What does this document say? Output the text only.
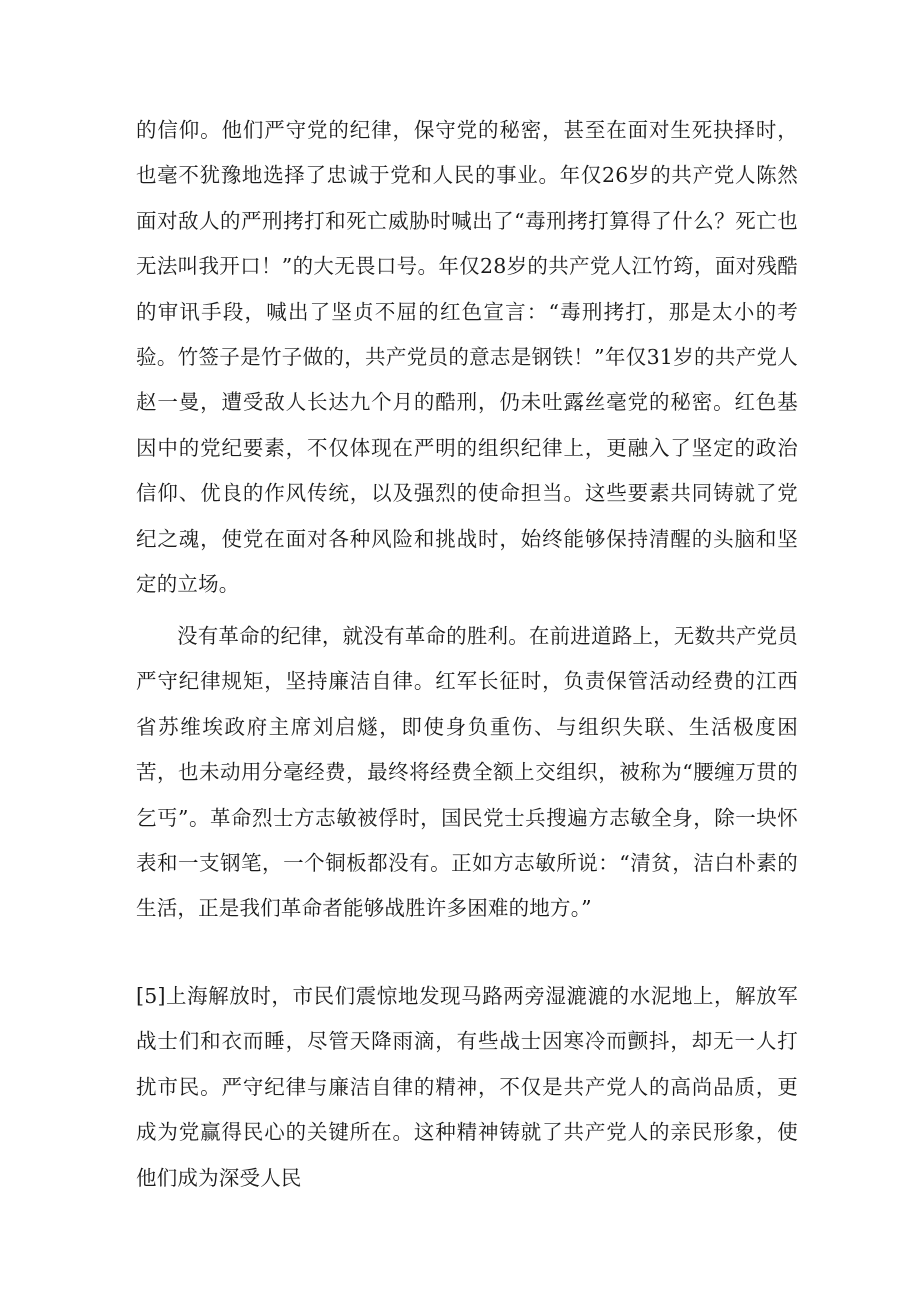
的信仰。他们严守党的纪律，保守党的秘密，甚至在面对生死抉择时，也毫不犹豫地选择了忠诚于党和人民的事业。年仅26岁的共产党人陈然面对敌人的严刑拷打和死亡威胁时喊出了“毒刑拷打算得了什么？死亡也无法叫我开口！”的大无畏口号。年仅28岁的共产党人江竹筠，面对残酷的审讯手段，喊出了坚贞不屈的红色宣言：“毒刑拷打，那是太小的考验。竹签子是竹子做的，共产党员的意志是钢铁！”年仅31岁的共产党人赵一曼，遭受敌人长达九个月的酷刑，仍未吐露丝毫党的秘密。红色基因中的党纪要素，不仅体现在严明的组织纪律上，更融入了坚定的政治信仰、优良的作风传统，以及强烈的使命担当。这些要素共同铸就了党纪之魂，使党在面对各种风险和挑战时，始终能够保持清醒的头脑和坚定的立场。

没有革命的纪律，就没有革命的胜利。在前进道路上，无数共产党员严守纪律规矩，坚持廉洁自律。红军长征时，负责保管活动经费的江西省苏维埃政府主席刘启燧，即使身负重伤、与组织失联、生活极度困苦，也未动用分毫经费，最终将经费全额上交组织，被称为“腰缠万贯的乞丐”。革命烈士方志敏被俘时，国民党士兵搜遍方志敏全身，除一块怀表和一支钢笔，一个铜板都没有。正如方志敏所说：“清贫，洁白朴素的生活，正是我们革命者能够战胜许多困难的地方。”

[5]上海解放时，市民们震惊地发现马路两旁湿漉漉的水泥地上，解放军战士们和衣而睡，尽管天降雨滴，有些战士因寒冷而颤抖，却无一人打扰市民。严守纪律与廉洁自律的精神，不仅是共产党人的高尚品质，更成为党赢得民心的关键所在。这种精神铸就了共产党人的亲民形象，使他们成为深受人民
